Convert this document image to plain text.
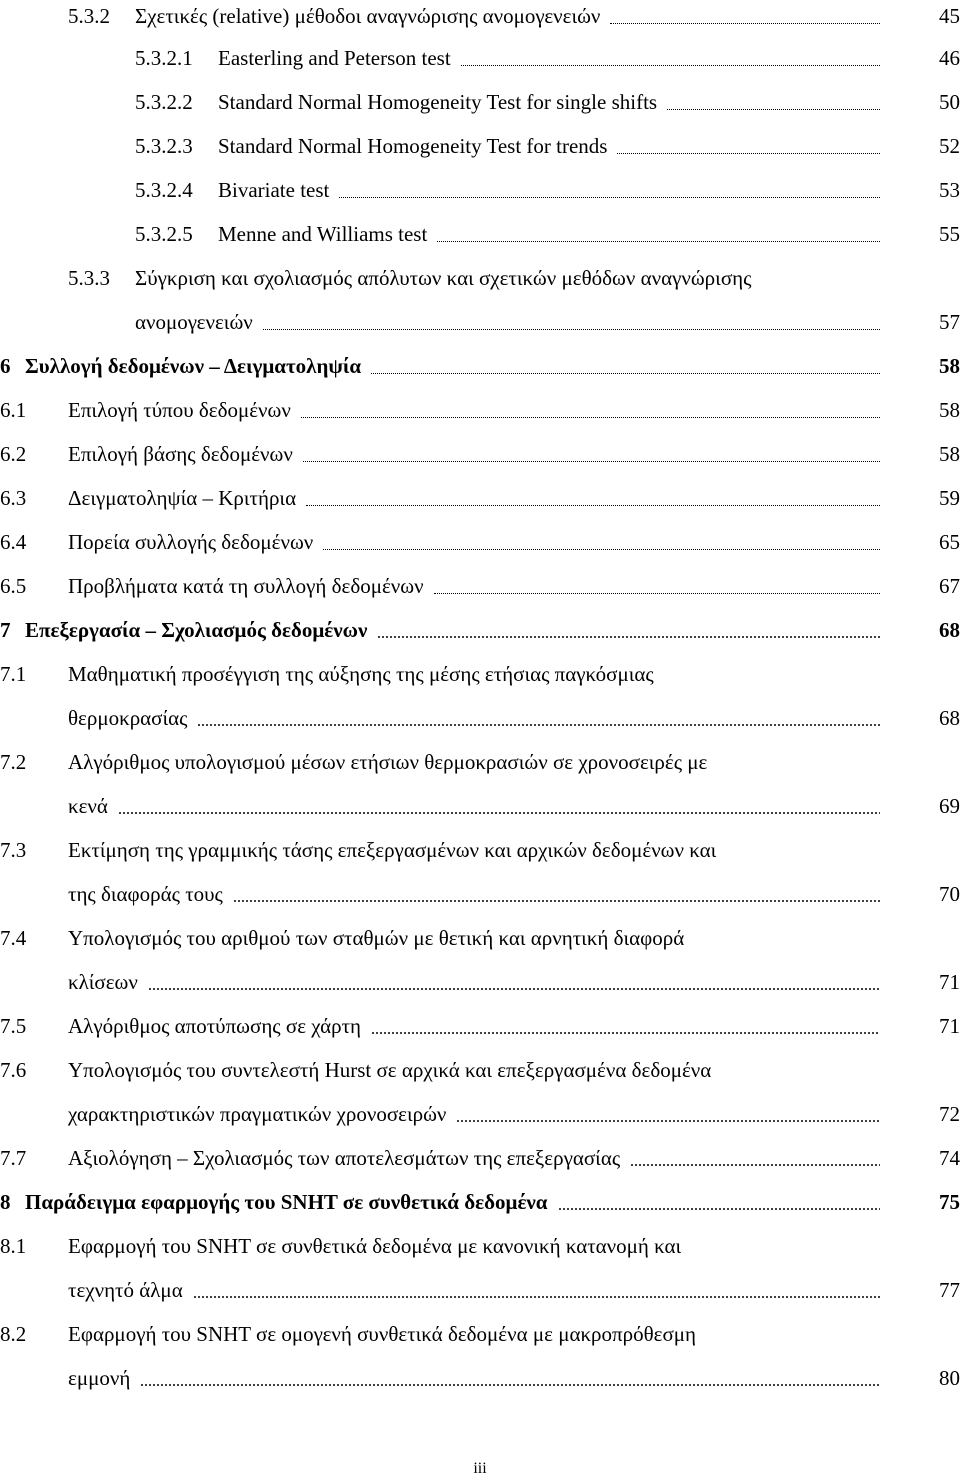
5.3.2 Σχετικές (relative) μέθοδοι αναγνώρισης ανομογενειών	45
5.3.2.1 Easterling and Peterson test	46
5.3.2.2 Standard Normal Homogeneity Test for single shifts	50
5.3.2.3 Standard Normal Homogeneity Test for trends	52
5.3.2.4 Bivariate test	53
5.3.2.5 Menne and Williams test	55
5.3.3 Σύγκριση και σχολιασμός απόλυτων και σχετικών μεθόδων αναγνώρισης
ανομογενειών	57
6 Συλλογή δεδομένων – Δειγματοληψία	58
6.1 Επιλογή τύπου δεδομένων	58
6.2 Επιλογή βάσης δεδομένων	58
6.3 Δειγματοληψία – Κριτήρια	59
6.4 Πορεία συλλογής δεδομένων	65
6.5 Προβλήματα κατά τη συλλογή δεδομένων	67
7 Επεξεργασία – Σχολιασμός δεδομένων	68
7.1 Μαθηματική προσέγγιση της αύξησης της μέσης ετήσιας παγκόσμιας
θερμοκρασίας	68
7.2 Αλγόριθμος υπολογισμού μέσων ετήσιων θερμοκρασιών σε χρονοσειρές με
κενά	69
7.3 Εκτίμηση της γραμμικής τάσης επεξεργασμένων και αρχικών δεδομένων και
της διαφοράς τους	70
7.4 Υπολογισμός του αριθμού των σταθμών με θετική και αρνητική διαφορά
κλίσεων	71
7.5 Αλγόριθμος αποτύπωσης σε χάρτη	71
7.6 Υπολογισμός του συντελεστή Hurst σε αρχικά και επεξεργασμένα δεδομένα
χαρακτηριστικών πραγματικών χρονοσειρών	72
7.7 Αξιολόγηση – Σχολιασμός των αποτελεσμάτων της επεξεργασίας	74
8 Παράδειγμα εφαρμογής του SNHT σε συνθετικά δεδομένα	75
8.1 Εφαρμογή του SNHT σε συνθετικά δεδομένα με κανονική κατανομή και
τεχνητό άλμα	77
8.2 Εφαρμογή του SNHT σε ομογενή συνθετικά δεδομένα με μακροπρόθεσμη
εμμονή	80
iii
